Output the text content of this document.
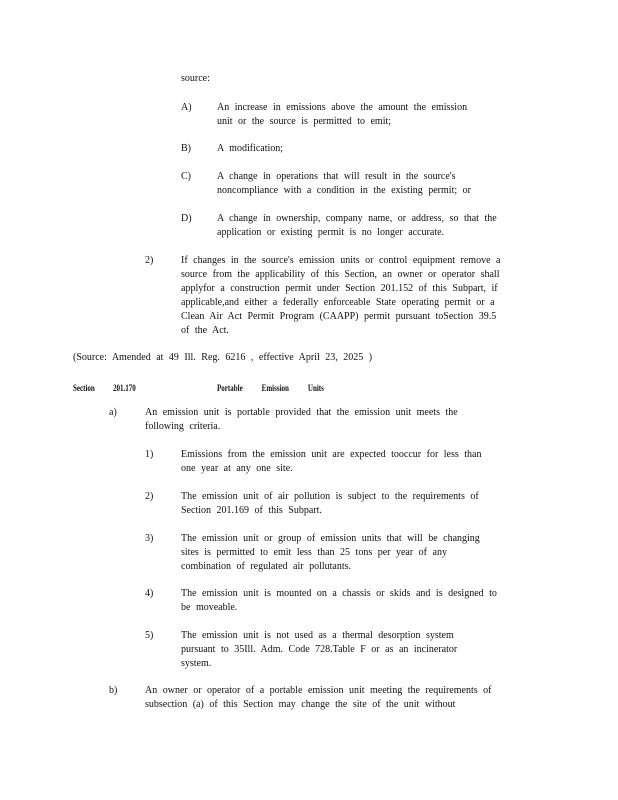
source:
A)	An increase in emissions above the amount the emission unit or the source is permitted to emit;
B)	A modification;
C)	A change in operations that will result in the source's noncompliance with a condition in the existing permit; or
D)	A change in ownership, company name, or address, so that the application or existing permit is no longer accurate.
2)	If changes in the source's emission units or control equipment remove a source from the applicability of this Section, an owner or operator shall applyfor a construction permit under Section 201.152 of this Subpart, if applicable,and either a federally enforceable State operating permit or a Clean Air Act Permit Program (CAAPP) permit pursuant toSection 39.5 of the Act.
(Source: Amended at 49 Ill. Reg. 6216 , effective April 23, 2025 )
Section 201.170	Portable Emission Units
a)	An emission unit is portable provided that the emission unit meets the following criteria.
1)	Emissions from the emission unit are expected tooccur for less than one year at any one site.
2)	The emission unit of air pollution is subject to the requirements of Section 201.169 of this Subpart.
3)	The emission unit or group of emission units that will be changing sites is permitted to emit less than 25 tons per year of any combination of regulated air pollutants.
4)	The emission unit is mounted on a chassis or skids and is designed to be moveable.
5)	The emission unit is not used as a thermal desorption system pursuant to 35Ill. Adm. Code 728.Table F or as an incinerator system.
b)	An owner or operator of a portable emission unit meeting the requirements of subsection (a) of this Section may change the site of the unit without
